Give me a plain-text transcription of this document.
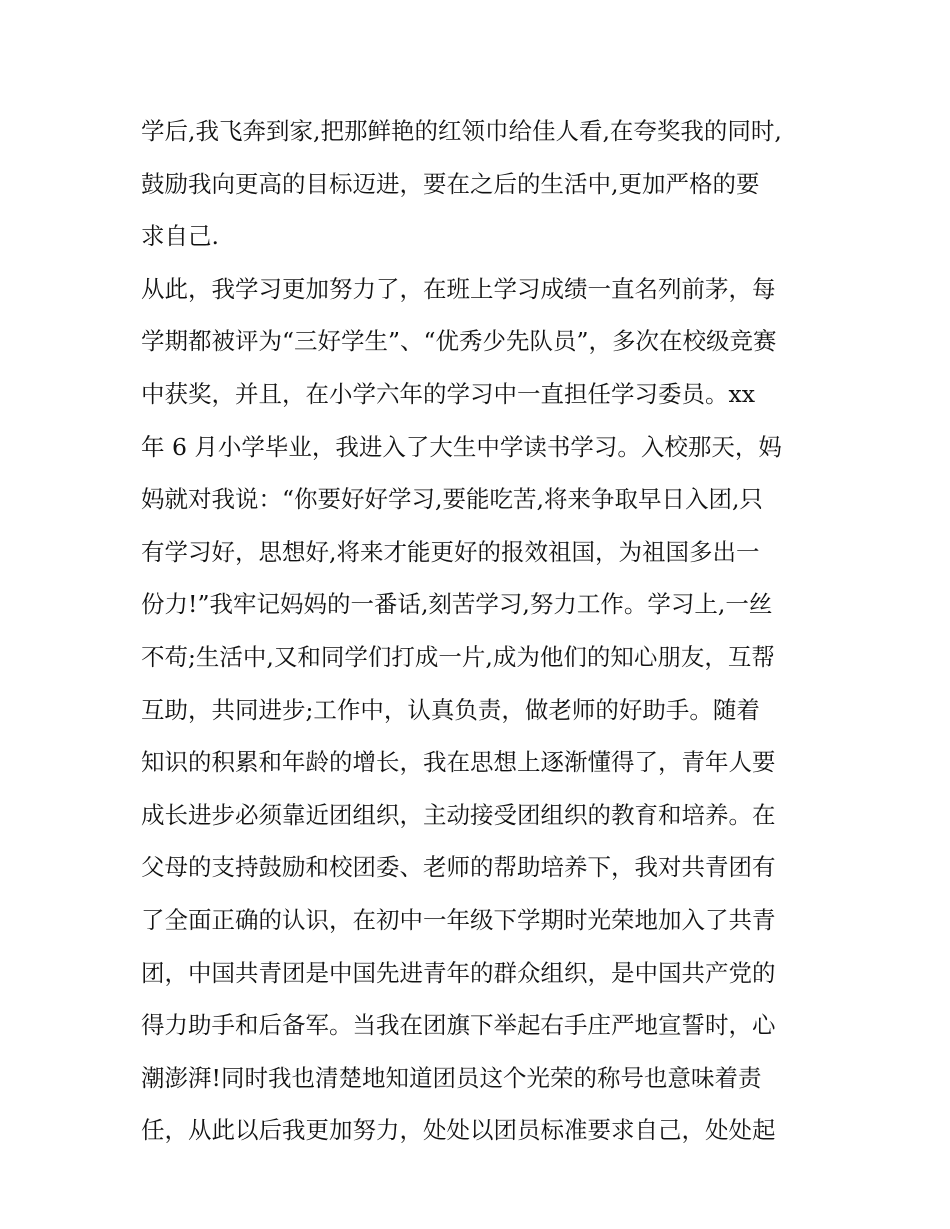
学后,我飞奔到家,把那鲜艳的红领巾给佳人看,在夸奖我的同时,
鼓励我向更高的目标迈进，要在之后的生活中,更加严格的要
求自己.
从此，我学习更加努力了，在班上学习成绩一直名列前茅，每
学期都被评为“三好学生”、“优秀少先队员”，多次在校级竞赛
中获奖，并且，在小学六年的学习中一直担任学习委员。xx
年 6 月小学毕业，我进入了大生中学读书学习。入校那天，妈
妈就对我说：“你要好好学习,要能吃苦,将来争取早日入团,只
有学习好，思想好,将来才能更好的报效祖国，为祖国多出一
份力!”我牢记妈妈的一番话,刻苦学习,努力工作。学习上,一丝
不苟;生活中,又和同学们打成一片,成为他们的知心朋友，互帮
互助，共同进步;工作中，认真负责，做老师的好助手。随着
知识的积累和年龄的增长，我在思想上逐渐懂得了，青年人要
成长进步必须靠近团组织，主动接受团组织的教育和培养。在
父母的支持鼓励和校团委、老师的帮助培养下，我对共青团有
了全面正确的认识，在初中一年级下学期时光荣地加入了共青
团，中国共青团是中国先进青年的群众组织，是中国共产党的
得力助手和后备军。当我在团旗下举起右手庄严地宣誓时，心
潮澎湃!同时我也清楚地知道团员这个光荣的称号也意味着责
任，从此以后我更加努力，处处以团员标准要求自己，处处起
